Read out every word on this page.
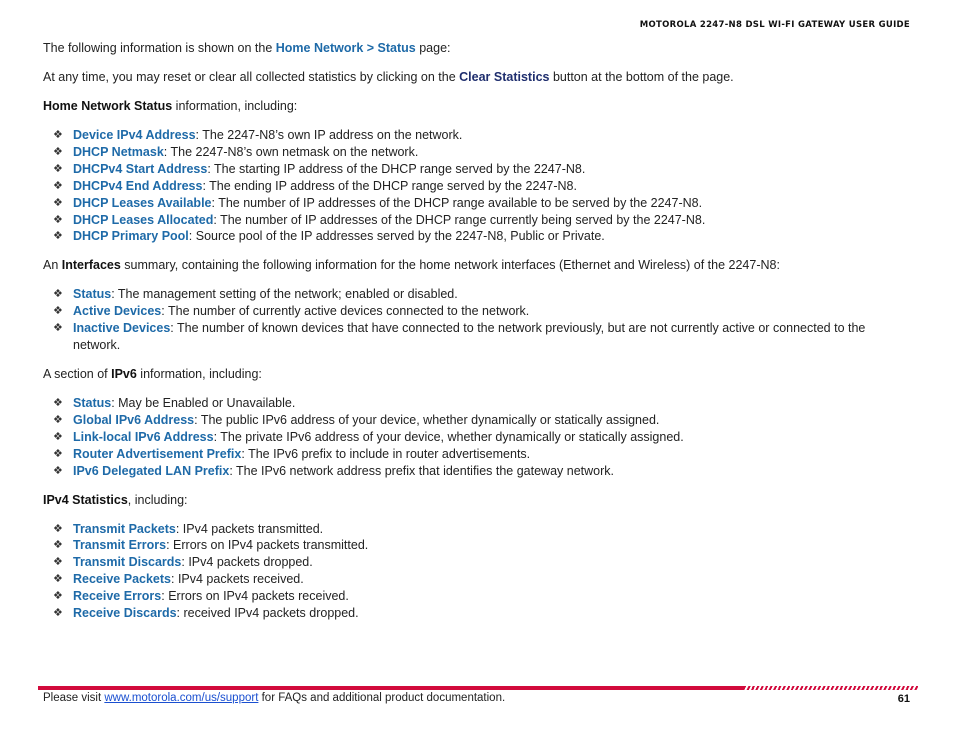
MOTOROLA 2247-N8 DSL WI-FI GATEWAY USER GUIDE

The following information is shown on the Home Network > Status page:

At any time, you may reset or clear all collected statistics by clicking on the Clear Statistics button at the bottom of the page.

Home Network Status information, including:

❖ Device IPv4 Address: The 2247-N8’s own IP address on the network.
❖ DHCP Netmask: The 2247-N8’s own netmask on the network.
❖ DHCPv4 Start Address: The starting IP address of the DHCP range served by the 2247-N8.
❖ DHCPv4 End Address: The ending IP address of the DHCP range served by the 2247-N8.
❖ DHCP Leases Available: The number of IP addresses of the DHCP range available to be served by the 2247-N8.
❖ DHCP Leases Allocated: The number of IP addresses of the DHCP range currently being served by the 2247-N8.
❖ DHCP Primary Pool: Source pool of the IP addresses served by the 2247-N8, Public or Private.

An Interfaces summary, containing the following information for the home network interfaces (Ethernet and Wireless) of the 2247-N8:

❖ Status: The management setting of the network; enabled or disabled.
❖ Active Devices: The number of currently active devices connected to the network.
❖ Inactive Devices: The number of known devices that have connected to the network previously, but are not currently active or connected to the network.

A section of IPv6 information, including:

❖ Status: May be Enabled or Unavailable.
❖ Global IPv6 Address: The public IPv6 address of your device, whether dynamically or statically assigned.
❖ Link-local IPv6 Address: The private IPv6 address of your device, whether dynamically or statically assigned.
❖ Router Advertisement Prefix: The IPv6 prefix to include in router advertisements.
❖ IPv6 Delegated LAN Prefix: The IPv6 network address prefix that identifies the gateway network.

IPv4 Statistics, including:

❖ Transmit Packets: IPv4 packets transmitted.
❖ Transmit Errors: Errors on IPv4 packets transmitted.
❖ Transmit Discards: IPv4 packets dropped.
❖ Receive Packets: IPv4 packets received.
❖ Receive Errors: Errors on IPv4 packets received.
❖ Receive Discards: received IPv4 packets dropped.
Please visit www.motorola.com/us/support for FAQs and additional product documentation.	61
